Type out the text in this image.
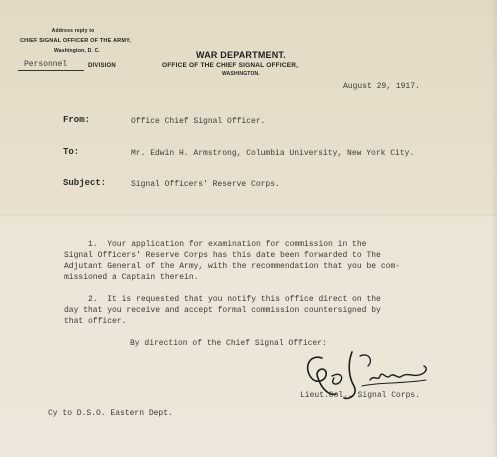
Address reply to
CHIEF SIGNAL OFFICER OF THE ARMY,
Washington, D. C.
Personnel	DIVISION
WAR DEPARTMENT.
OFFICE OF THE CHIEF SIGNAL OFFICER,
WASHINGTON.
August 29, 1917.
From:	Office Chief Signal Officer.
To:	Mr. Edwin H. Armstrong, Columbia University, New York City.
Subject:	Signal Officers' Reserve Corps.
1.  Your application for examination for commission in the
Signal Officers' Reserve Corps has this date been forwarded to The
Adjutant General of the Army, with the recommendation that you be com-
missioned a Captain therein.
2.  It is requested that you notify this office direct on the
day that you receive and accept formal commission countersigned by
that officer.
By direction of the Chief Signal Officer:
Lieut.Col., Signal Corps.
Cy to D.S.O. Eastern Dept.
